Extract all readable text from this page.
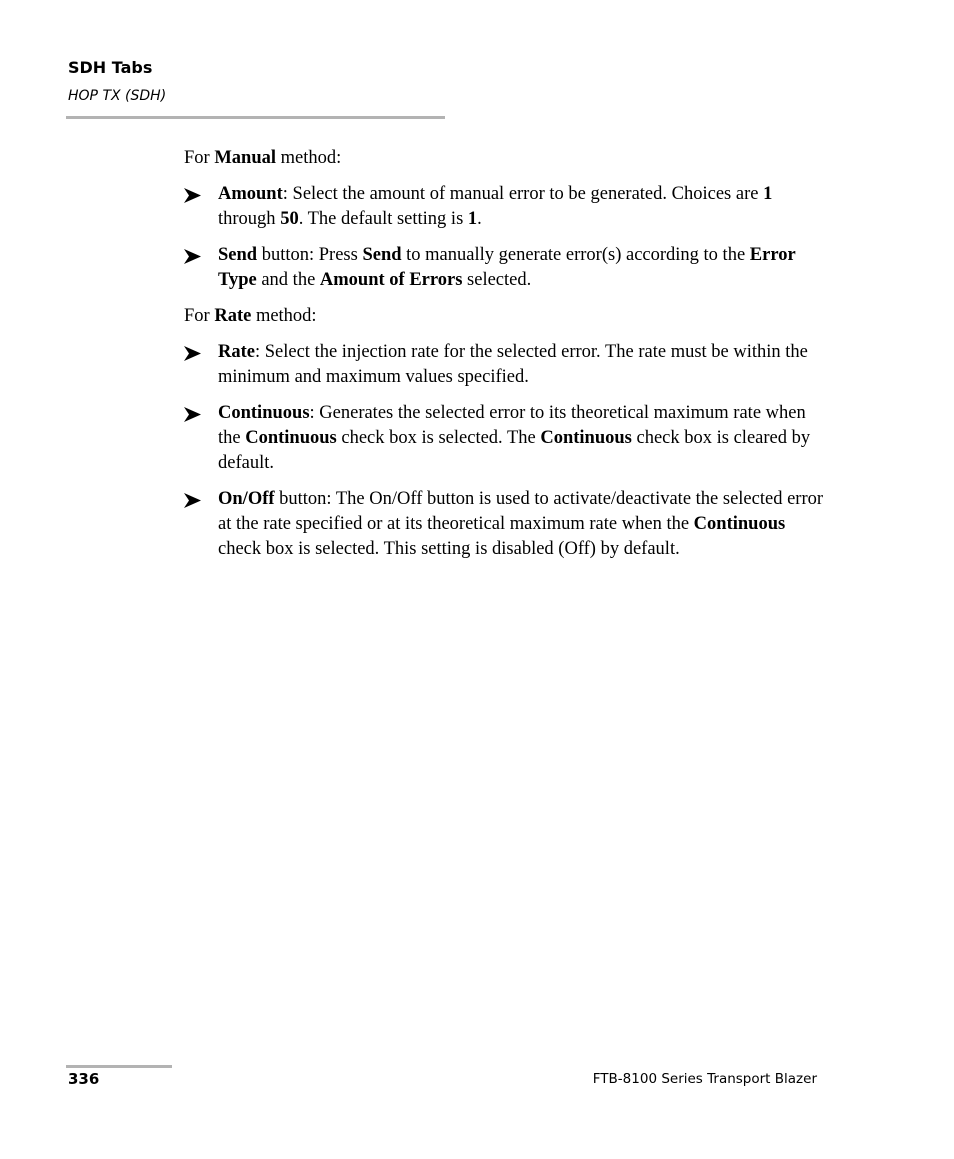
SDH Tabs
HOP TX (SDH)

For Manual method:

Amount: Select the amount of manual error to be generated. Choices are 1 through 50. The default setting is 1.
Send button: Press Send to manually generate error(s) according to the Error Type and the Amount of Errors selected.

For Rate method:

Rate: Select the injection rate for the selected error. The rate must be within the minimum and maximum values specified.
Continuous: Generates the selected error to its theoretical maximum rate when the Continuous check box is selected. The Continuous check box is cleared by default.
On/Off button: The On/Off button is used to activate/deactivate the selected error at the rate specified or at its theoretical maximum rate when the Continuous check box is selected. This setting is disabled (Off) by default.
336	FTB-8100 Series Transport Blazer
